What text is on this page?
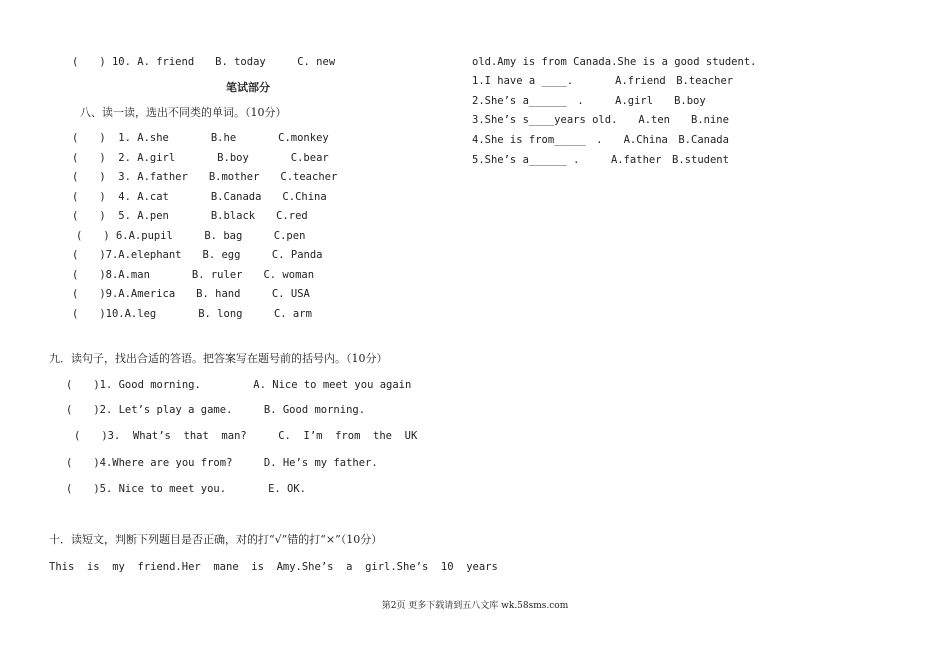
(　　) 10. A. friend　　B. today　　　C. new
笔试部分
八、读一读，选出不同类的单词。（10分）
(　　)  1. A.she　　　　B.he　　　　C.monkey
(　　)  2. A.girl　　　　B.boy　　　　C.bear
(　　)  3. A.father　　B.mother　　C.teacher
(　　)  4. A.cat　　　　B.Canada　　C.China
(　　)  5. A.pen　　　　B.black　　C.red
(　　) 6.A.pupil　　　B. bag　　　C.pen
(　　)7.A.elephant　　B. egg　　　C. Panda
(　　)8.A.man　　　　B. ruler　　C. woman
(　　)9.A.America　　B. hand　　　C. USA
(　　)10.A.leg　　　　B. long　　　C. arm
九．读句子，找出合适的答语。把答案写在题号前的括号内。（10分）
(　　)1. Good morning.　　　　　A. Nice to meet you again
(　　)2. Let’s play a game.　　　B. Good morning.
(　　)3.  What’s  that  man?　　　C.  I’m  from  the  UK
(　　)4.Where are you from?　　　D. He’s my father.
(　　)5. Nice to meet you.　　　　E. OK.
十．读短文，判断下列题目是否正确，对的打“√”错的打“×”（10分）
This  is  my  friend.Her  mane  is  Amy.She’s  a  girl.She’s  10  years
old.Amy is from Canada.She is a good student.
1.I have a ____.　　　　A.friend　B.teacher
2.She’s a______　.　　　A.girl　　B.boy
3.She’s s____years old.　　A.ten　　B.nine
4.She is from_____　.　　A.China　B.Canada
5.She’s a______ .　　　A.father　B.student
第2页 更多下载请到五八文库 wk.58sms.com
